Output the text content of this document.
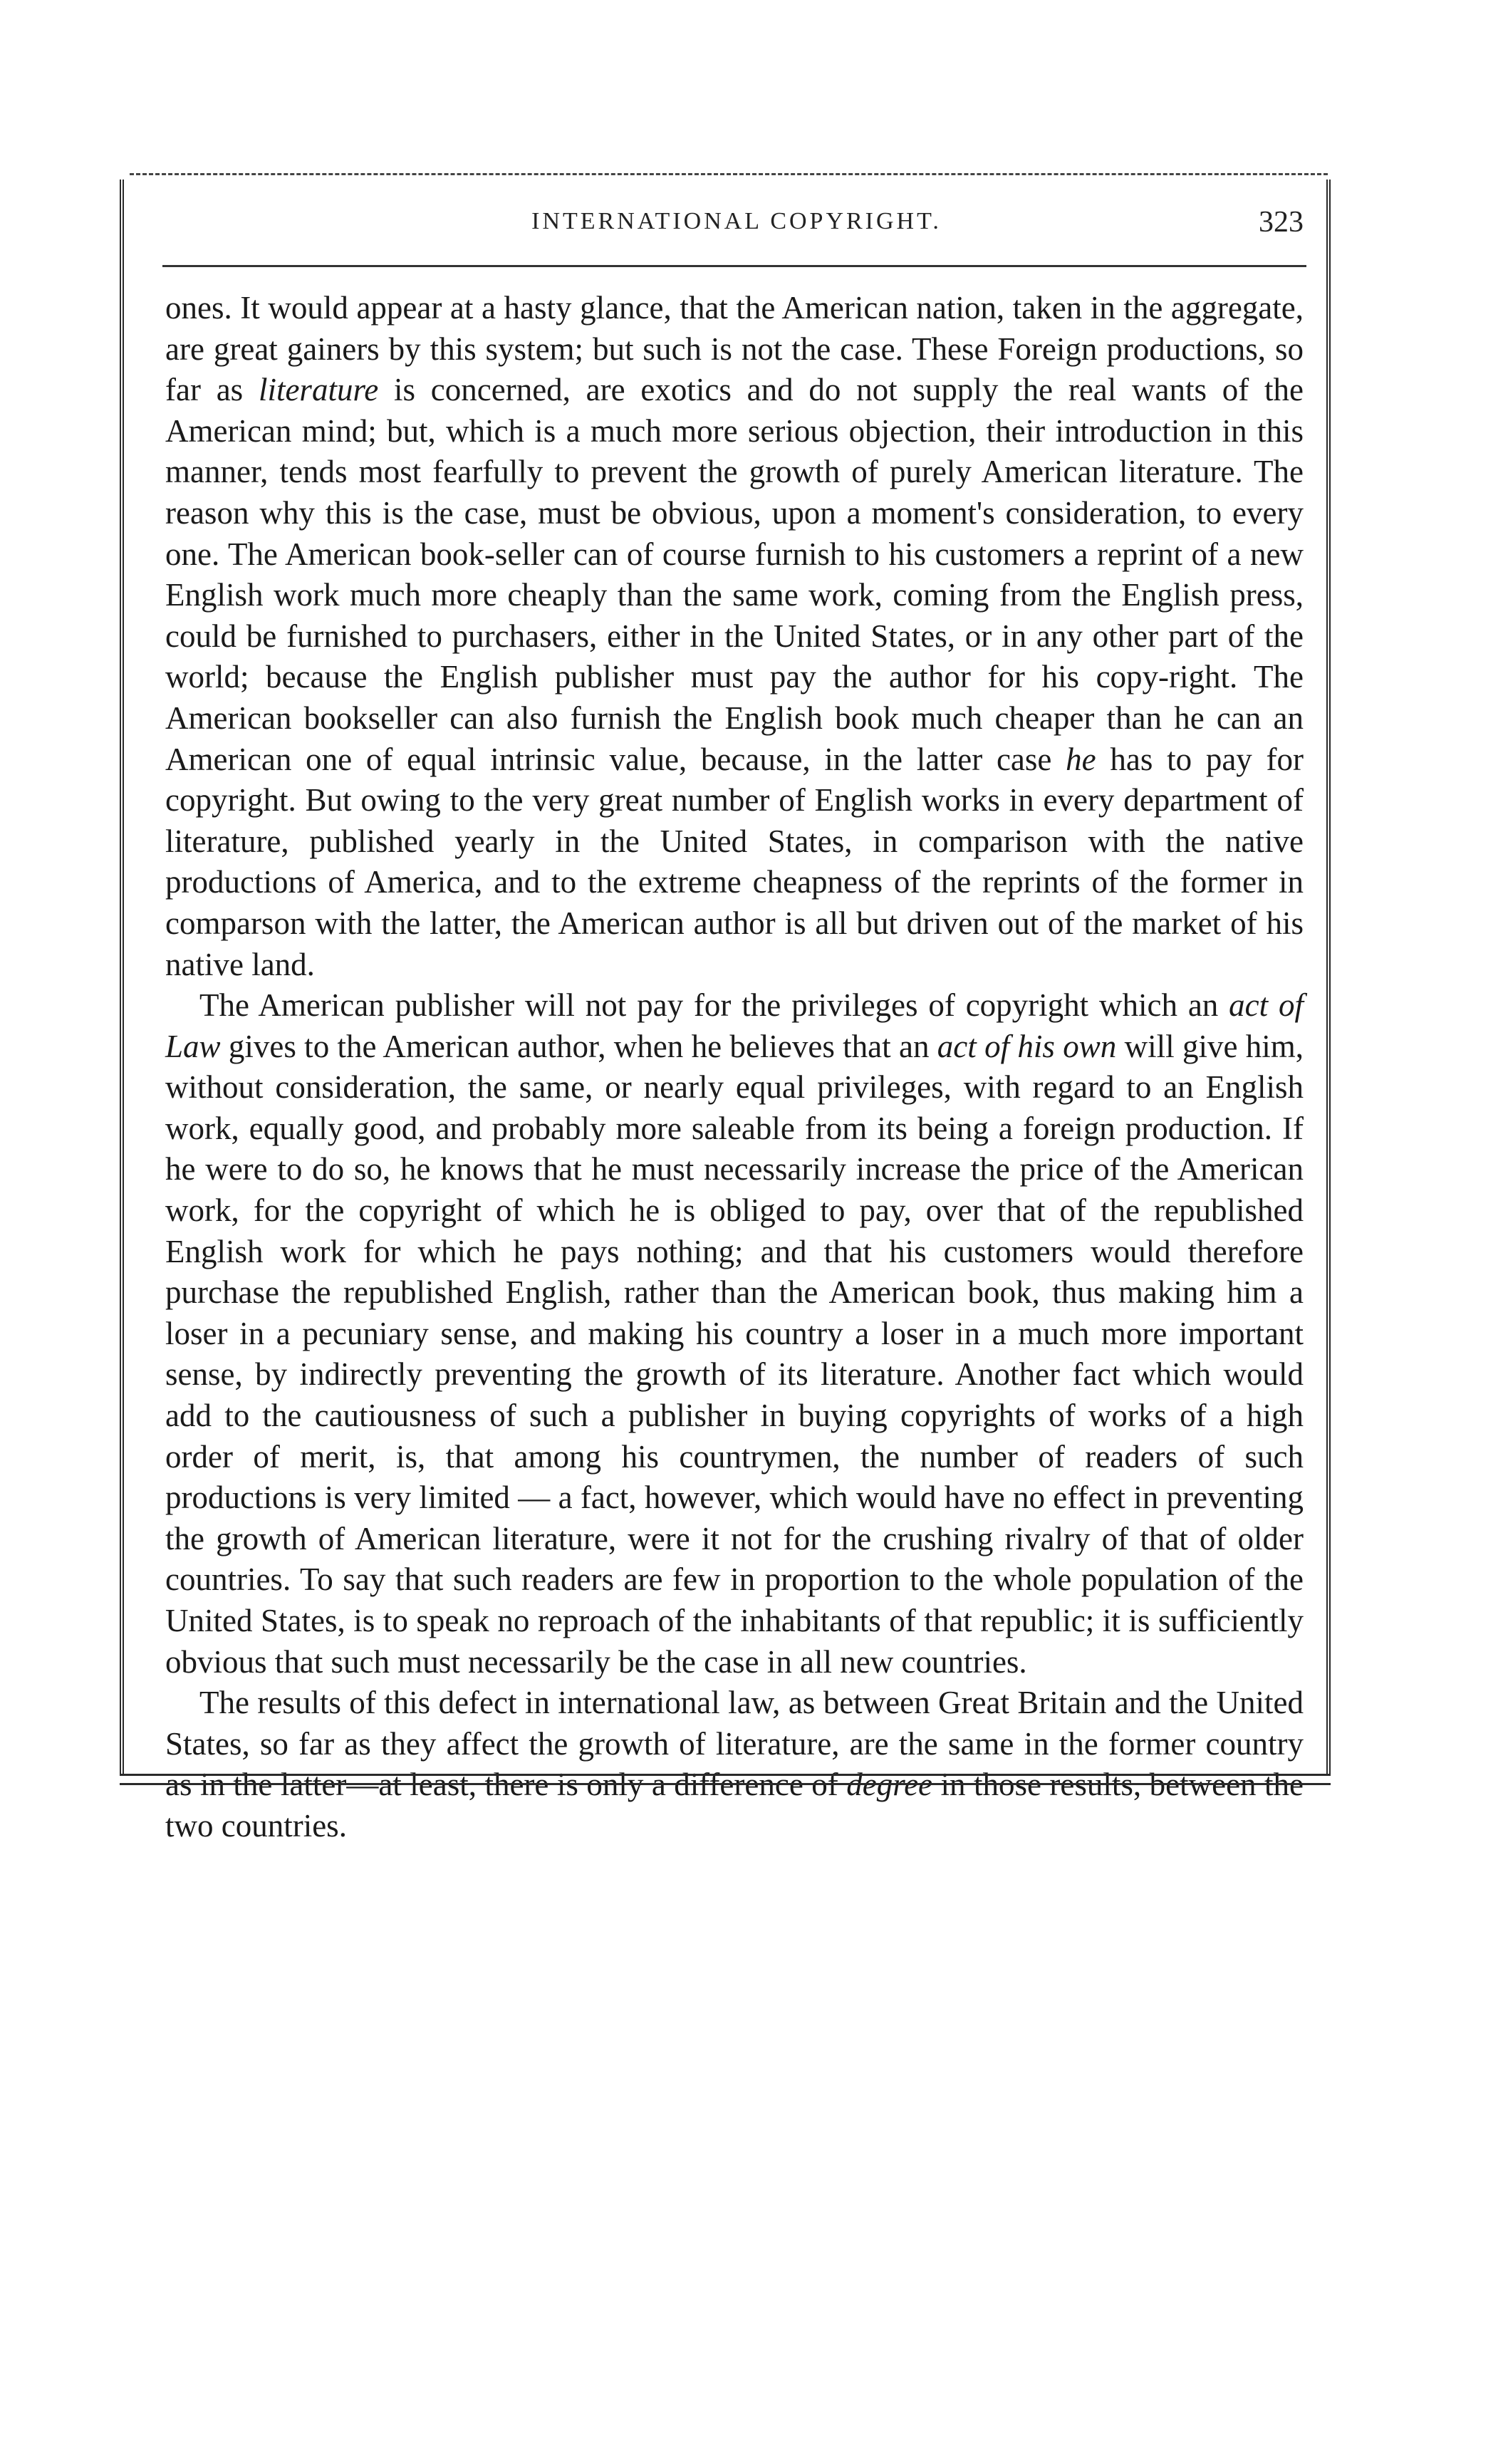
INTERNATIONAL COPYRIGHT.	323

ones. It would appear at a hasty glance, that the American nation, taken in the aggregate, are great gainers by this system; but such is not the case. These Foreign productions, so far as literature is concerned, are exotics and do not supply the real wants of the American mind; but, which is a much more serious objection, their introduction in this manner, tends most fearfully to prevent the growth of purely American literature. The reason why this is the case, must be obvious, upon a moment's consideration, to every one. The American book-seller can of course furnish to his customers a reprint of a new English work much more cheaply than the same work, coming from the English press, could be furnished to purchasers, either in the United States, or in any other part of the world; because the English publisher must pay the author for his copy-right. The American bookseller can also furnish the English book much cheaper than he can an American one of equal intrinsic value, because, in the latter case he has to pay for copyright. But owing to the very great number of English works in every department of literature, published yearly in the United States, in comparison with the native productions of America, and to the extreme cheapness of the reprints of the former in comparson with the latter, the American author is all but driven out of the market of his native land.

The American publisher will not pay for the privileges of copyright which an act of Law gives to the American author, when he believes that an act of his own will give him, without consideration, the same, or nearly equal privileges, with regard to an English work, equally good, and probably more saleable from its being a foreign production. If he were to do so, he knows that he must necessarily increase the price of the American work, for the copyright of which he is obliged to pay, over that of the republished English work for which he pays nothing; and that his customers would therefore purchase the republished English, rather than the American book, thus making him a loser in a pecuniary sense, and making his country a loser in a much more important sense, by indirectly preventing the growth of its literature. Another fact which would add to the cautiousness of such a publisher in buying copyrights of works of a high order of merit, is, that among his countrymen, the number of readers of such productions is very limited — a fact, however, which would have no effect in preventing the growth of American literature, were it not for the crushing rivalry of that of older countries. To say that such readers are few in proportion to the whole population of the United States, is to speak no reproach of the inhabitants of that republic; it is sufficiently obvious that such must necessarily be the case in all new countries.

The results of this defect in international law, as between Great Britain and the United States, so far as they affect the growth of literature, are the same in the former country as in the latter—at least, there is only a difference of degree in those results, between the two countries.
